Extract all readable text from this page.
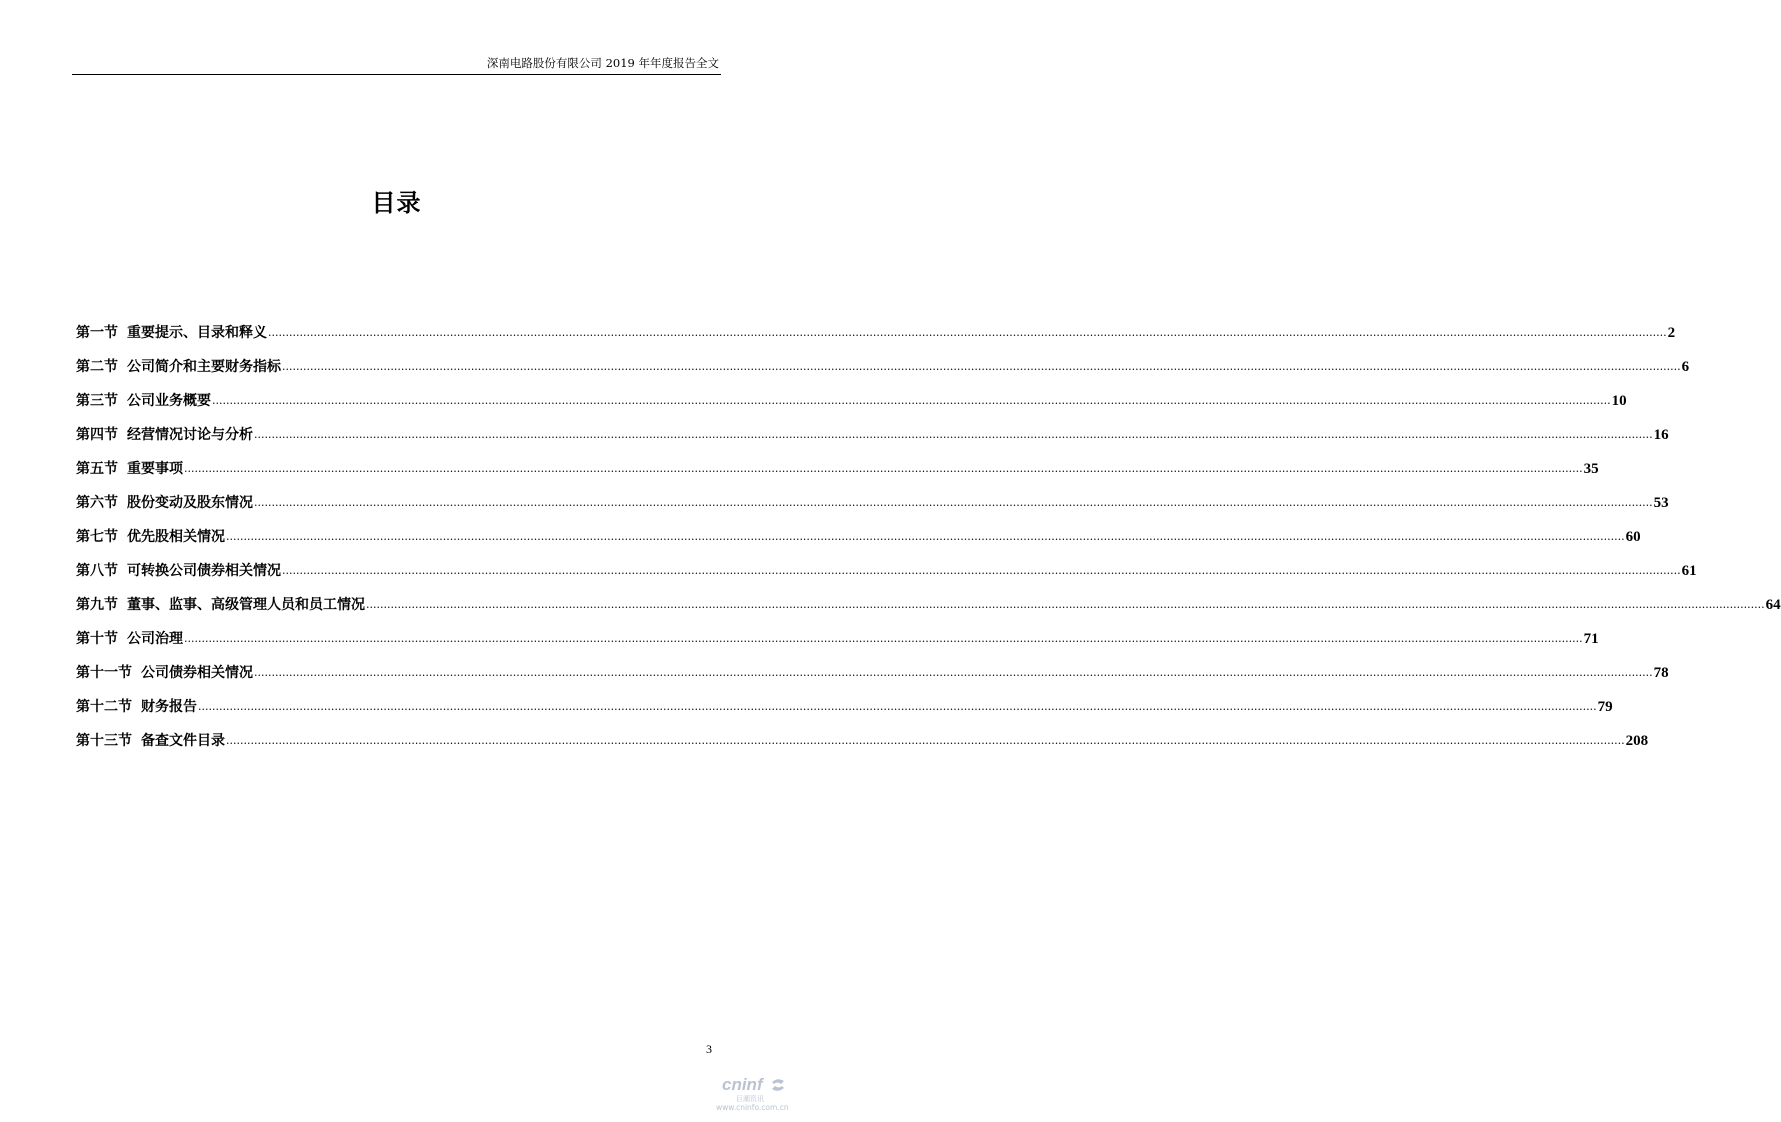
深南电路股份有限公司 2019 年年度报告全文
目录
第一节 重要提示、目录和释义 ................................................................................................................................................................................................................................................................................................................................................................................................................ 2
第二节 公司简介和主要财务指标 ................................................................................................................................................................................................................................................................................................................................................................................................................ 6
第三节 公司业务概要 ................................................................................................................................................................................................................................................................................................................................................................................................................ 10
第四节 经营情况讨论与分析 ................................................................................................................................................................................................................................................................................................................................................................................................................ 16
第五节 重要事项 ................................................................................................................................................................................................................................................................................................................................................................................................................ 35
第六节 股份变动及股东情况 ................................................................................................................................................................................................................................................................................................................................................................................................................ 53
第七节 优先股相关情况 ................................................................................................................................................................................................................................................................................................................................................................................................................ 60
第八节 可转换公司债券相关情况 ................................................................................................................................................................................................................................................................................................................................................................................................................ 61
第九节 董事、监事、高级管理人员和员工情况 ................................................................................................................................................................................................................................................................................................................................................................................................................ 64
第十节 公司治理 ................................................................................................................................................................................................................................................................................................................................................................................................................ 71
第十一节 公司债券相关情况 ................................................................................................................................................................................................................................................................................................................................................................................................................ 78
第十二节 财务报告 ................................................................................................................................................................................................................................................................................................................................................................................................................ 79
第十三节 备查文件目录 ................................................................................................................................................................................................................................................................................................................................................................................................................ 208
3
cninf
巨潮资讯
www.cninfo.com.cn
